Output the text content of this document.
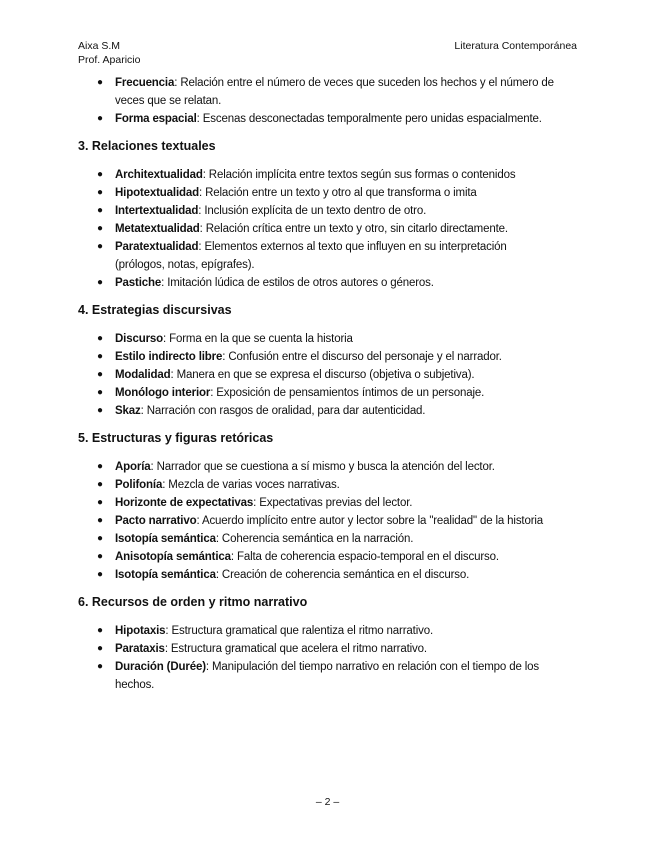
Aixa S.M
Prof. Aparicio
Literatura Contemporánea
● Frecuencia: Relación entre el número de veces que suceden los hechos y el número de
veces que se relatan.
● Forma espacial: Escenas desconectadas temporalmente pero unidas espacialmente.
3. Relaciones textuales
● Architextualidad: Relación implícita entre textos según sus formas o contenidos
● Hipotextualidad: Relación entre un texto y otro al que transforma o imita
● Intertextualidad: Inclusión explícita de un texto dentro de otro.
● Metatextualidad: Relación crítica entre un texto y otro, sin citarlo directamente.
● Paratextualidad: Elementos externos al texto que influyen en su interpretación
(prólogos, notas, epígrafes).
● Pastiche: Imitación lúdica de estilos de otros autores o géneros.
4. Estrategias discursivas
● Discurso: Forma en la que se cuenta la historia
● Estilo indirecto libre: Confusión entre el discurso del personaje y el narrador.
● Modalidad: Manera en que se expresa el discurso (objetiva o subjetiva).
● Monólogo interior: Exposición de pensamientos íntimos de un personaje.
● Skaz: Narración con rasgos de oralidad, para dar autenticidad.
5. Estructuras y figuras retóricas
● Aporía: Narrador que se cuestiona a sí mismo y busca la atención del lector.
● Polifonía: Mezcla de varias voces narrativas.
● Horizonte de expectativas: Expectativas previas del lector.
● Pacto narrativo: Acuerdo implícito entre autor y lector sobre la "realidad" de la historia
● Isotopía semántica: Coherencia semántica en la narración.
● Anisotopía semántica: Falta de coherencia espacio-temporal en el discurso.
● Isotopía semántica: Creación de coherencia semántica en el discurso.
6. Recursos de orden y ritmo narrativo
● Hipotaxis: Estructura gramatical que ralentiza el ritmo narrativo.
● Parataxis: Estructura gramatical que acelera el ritmo narrativo.
● Duración (Durée): Manipulación del tiempo narrativo en relación con el tiempo de los
hechos.
– 2 –
